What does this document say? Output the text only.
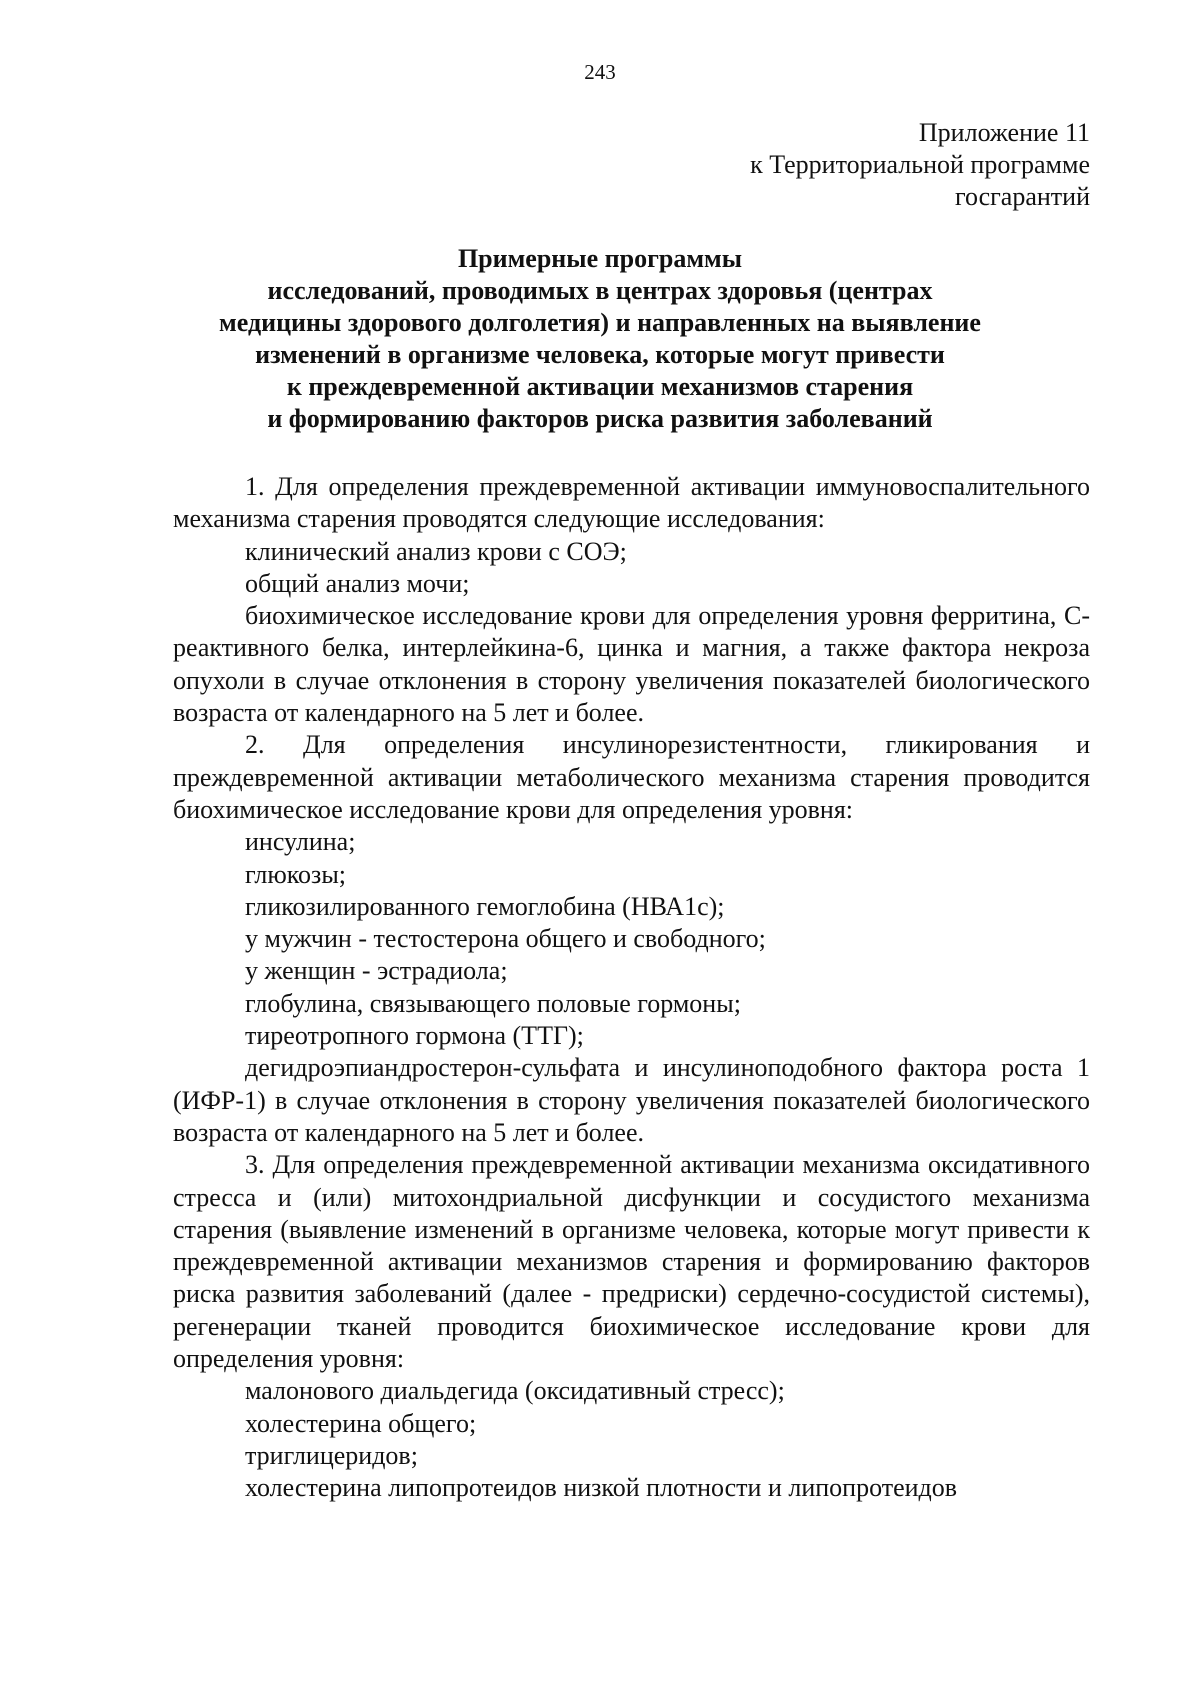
243
Приложение 11
к Территориальной программе
госгарантий
Примерные программы
исследований, проводимых в центрах здоровья (центрах
медицины здорового долголетия) и направленных на выявление
изменений в организме человека, которые могут привести
к преждевременной активации механизмов старения
и формированию факторов риска развития заболеваний

1. Для определения преждевременной активации иммуновоспалительного механизма старения проводятся следующие исследования:

клинический анализ крови с СОЭ;

общий анализ мочи;

биохимическое исследование крови для определения уровня ферритина, С-реактивного белка, интерлейкина-6, цинка и магния, а также фактора некроза опухоли в случае отклонения в сторону увеличения показателей биологического возраста от календарного на 5 лет и более.

2. Для определения инсулинорезистентности, гликирования и преждевременной активации метаболического механизма старения проводится биохимическое исследование крови для определения уровня:

инсулина;

глюкозы;

гликозилированного гемоглобина (НВА1с);

у мужчин - тестостерона общего и свободного;

у женщин - эстрадиола;

глобулина, связывающего половые гормоны;

тиреотропного гормона (ТТГ);

дегидроэпиандростерон-сульфата и инсулиноподобного фактора роста 1 (ИФР-1) в случае отклонения в сторону увеличения показателей биологического возраста от календарного на 5 лет и более.

3. Для определения преждевременной активации механизма оксидативного стресса и (или) митохондриальной дисфункции и сосудистого механизма старения (выявление изменений в организме человека, которые могут привести к преждевременной активации механизмов старения и формированию факторов риска развития заболеваний (далее - предриски) сердечно-сосудистой системы), регенерации тканей проводится биохимическое исследование крови для определения уровня:

малонового диальдегида (оксидативный стресс);

холестерина общего;

триглицеридов;

холестерина липопротеидов низкой плотности и липопротеидов
